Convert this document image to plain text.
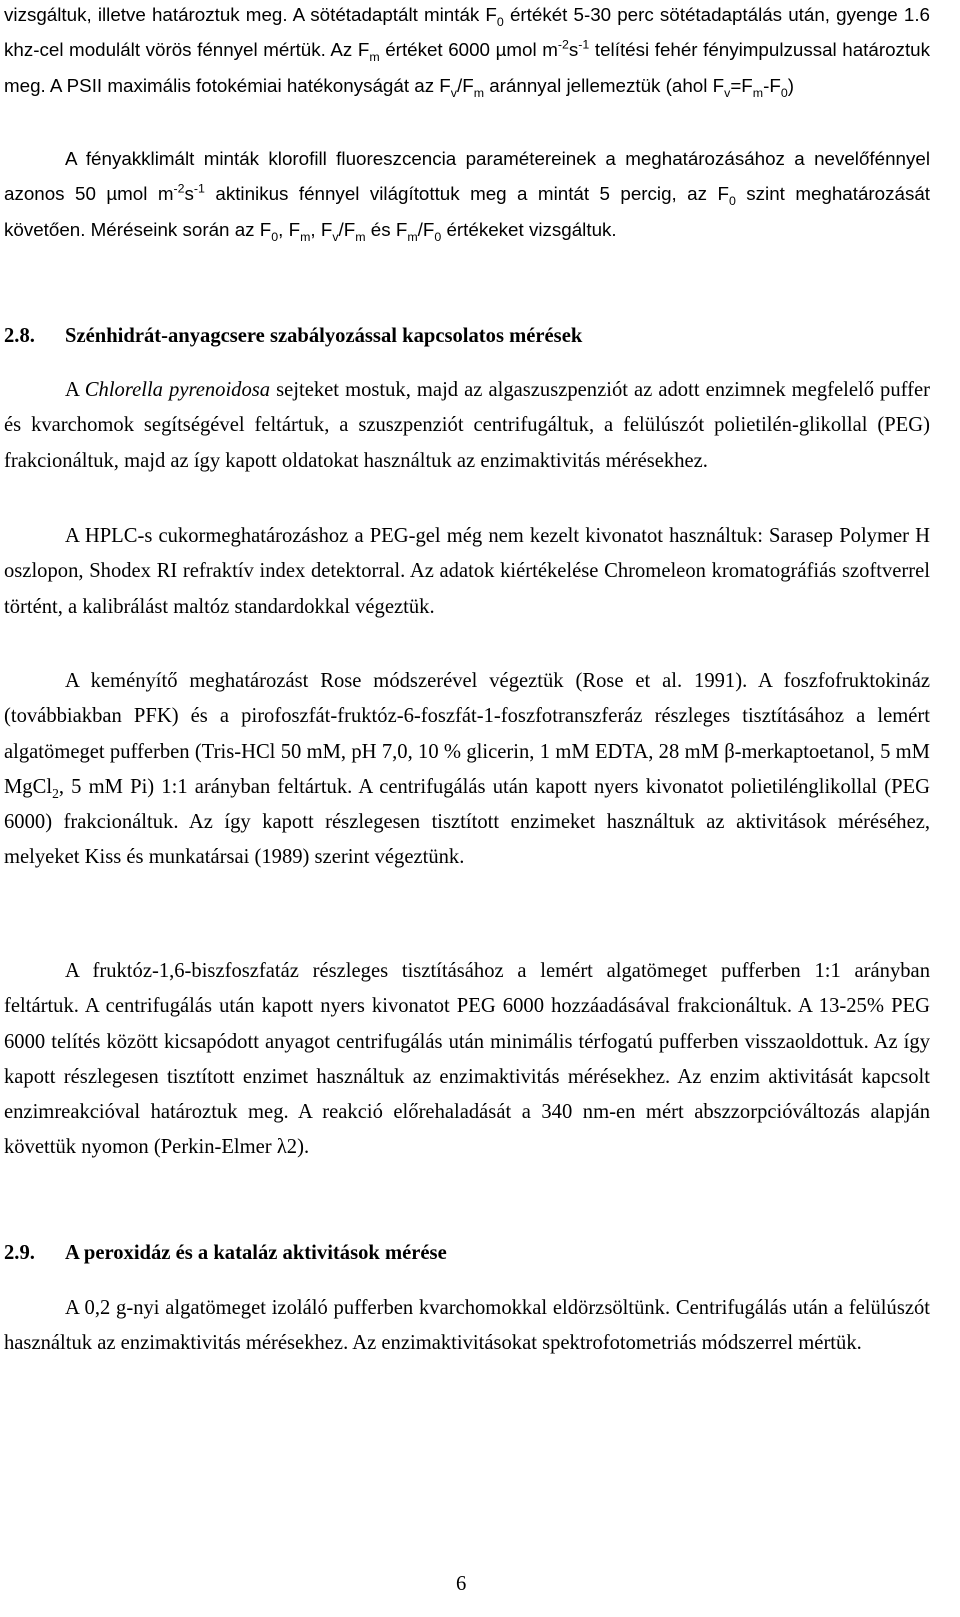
vizsgáltuk, illetve határoztuk meg. A sötétadaptált minták $F_0$ értékét 5-30 perc sötétadaptálás után, gyenge 1.6 khz-cel modulált vörös fénnyel mértük. Az $F_m$ értéket 6000 µmol $m^{-2}s^{-1}$ telítési fehér fényimpulzussal határoztuk meg. A PSII maximális fotokémiai hatékonyságát az $F_v/F_m$ aránnyal jellemeztük (ahol $F_v=F_m-F_0$)

A fényakklimált minták klorofill fluoreszcencia paramétereinek a meghatározásához a nevelőfénnyel azonos 50 µmol $m^{-2}s^{-1}$ aktinikus fénnyel világítottuk meg a mintát 5 percig, az $F_0$ szint meghatározását követően. Méréseink során az $F_0$, $F_m$, $F_v/F_m$ és $F_m/F_0$ értékeket vizsgáltuk.

2.8. Szénhidrát-anyagcsere szabályozással kapcsolatos mérések

A Chlorella pyrenoidosa sejteket mostuk, majd az algaszuszpenziót az adott enzimnek megfelelő puffer és kvarchomok segítségével feltártuk, a szuszpenziót centrifugáltuk, a felülúszót polietilén-glikollal (PEG) frakcionáltuk, majd az így kapott oldatokat használtuk az enzimaktivitás mérésekhez.

A HPLC-s cukormeghatározáshoz a PEG-gel még nem kezelt kivonatot használtuk: Sarasep Polymer H oszlopon, Shodex RI refraktív index detektorral. Az adatok kiértékelése Chromeleon kromatográfiás szoftverrel történt, a kalibrálást maltóz standardokkal végeztük.

A keményítő meghatározást Rose módszerével végeztük (Rose et al. 1991). A foszfofruktokináz (továbbiakban PFK) és a pirofoszfát-fruktóz-6-foszfát-1-foszfotranszferáz részleges tisztításához a lemért algatömeget pufferben (Tris-HCl 50 mM, pH 7,0, 10 % glicerin, 1 mM EDTA, 28 mM β-merkaptoetanol, 5 mM MgCl$_2$, 5 mM Pi) 1:1 arányban feltártuk. A centrifugálás után kapott nyers kivonatot polietilénglikollal (PEG 6000) frakcionáltuk. Az így kapott részlegesen tisztított enzimeket használtuk az aktivitások méréséhez, melyeket Kiss és munkatársai (1989) szerint végeztünk.

A fruktóz-1,6-biszfoszfatáz részleges tisztításához a lemért algatömeget pufferben 1:1 arányban feltártuk. A centrifugálás után kapott nyers kivonatot PEG 6000 hozzáadásával frakcionáltuk. A 13-25% PEG 6000 telítés között kicsapódott anyagot centrifugálás után minimális térfogatú pufferben visszaoldottuk. Az így kapott részlegesen tisztított enzimet használtuk az enzimaktivitás mérésekhez. Az enzim aktivitását kapcsolt enzimreakcióval határoztuk meg. A reakció előrehaladását a 340 nm-en mért abszzorpcióváltozás alapján követtük nyomon (Perkin-Elmer λ2).

2.9. A peroxidáz és a kataláz aktivitások mérése

A 0,2 g-nyi algatömeget izoláló pufferben kvarchomokkal eldörzsöltünk. Centrifugálás után a felülúszót használtuk az enzimaktivitás mérésekhez. Az enzimaktivitásokat spektrofotometriás módszerrel mértük.

6
